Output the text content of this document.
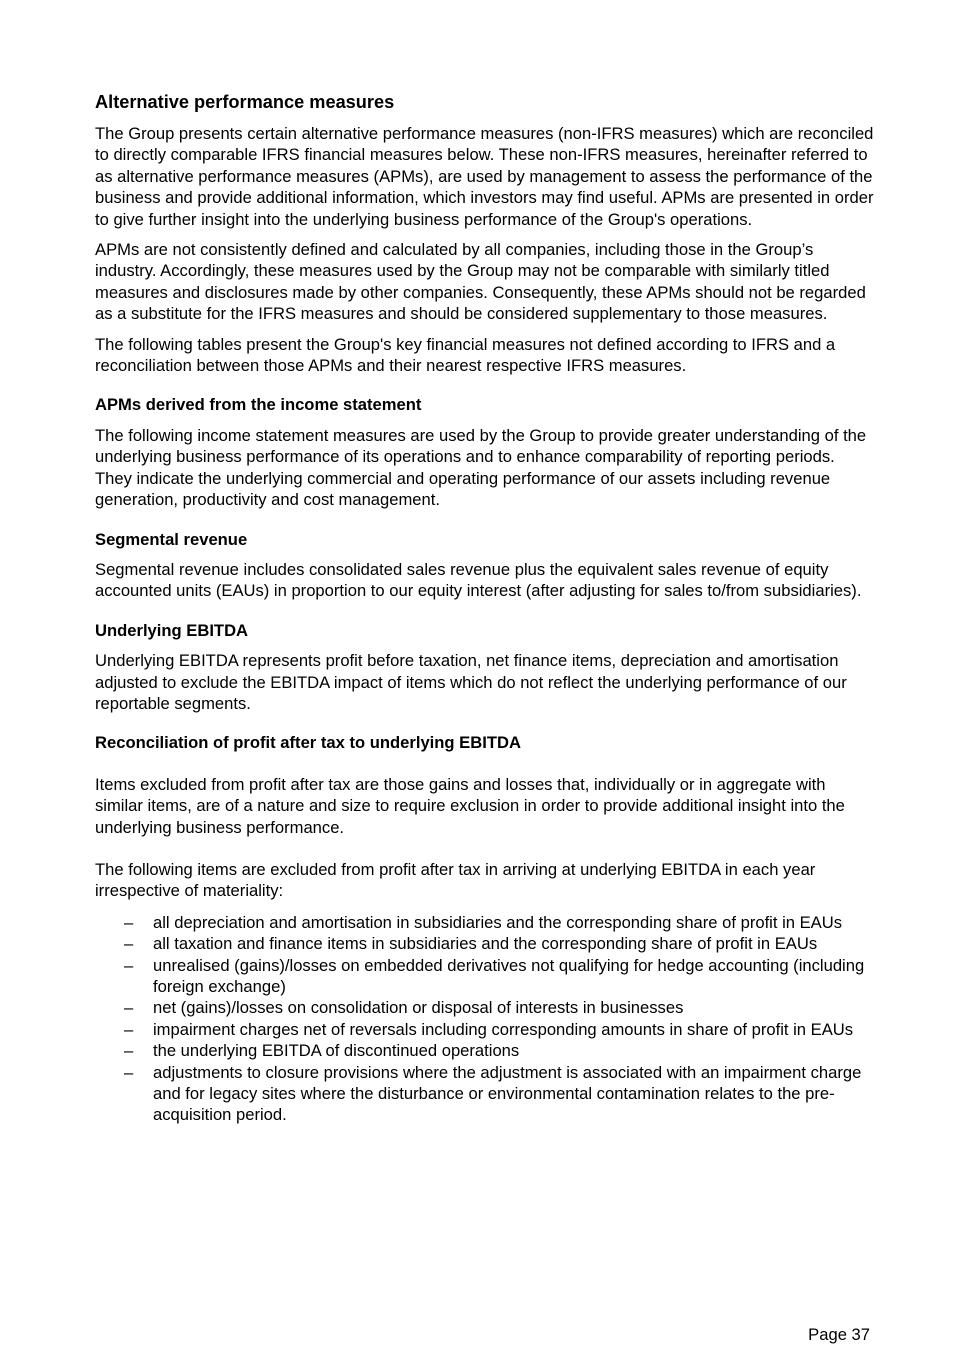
Alternative performance measures

The Group presents certain alternative performance measures (non-IFRS measures) which are reconciled to directly comparable IFRS financial measures below. These non-IFRS measures, hereinafter referred to as alternative performance measures (APMs), are used by management to assess the performance of the business and provide additional information, which investors may find useful. APMs are presented in order to give further insight into the underlying business performance of the Group's operations.

APMs are not consistently defined and calculated by all companies, including those in the Group’s industry. Accordingly, these measures used by the Group may not be comparable with similarly titled measures and disclosures made by other companies. Consequently, these APMs should not be regarded as a substitute for the IFRS measures and should be considered supplementary to those measures.

The following tables present the Group's key financial measures not defined according to IFRS and a reconciliation between those APMs and their nearest respective IFRS measures.

APMs derived from the income statement

The following income statement measures are used by the Group to provide greater understanding of the underlying business performance of its operations and to enhance comparability of reporting periods. They indicate the underlying commercial and operating performance of our assets including revenue generation, productivity and cost management.

Segmental revenue

Segmental revenue includes consolidated sales revenue plus the equivalent sales revenue of equity accounted units (EAUs) in proportion to our equity interest (after adjusting for sales to/from subsidiaries).

Underlying EBITDA

Underlying EBITDA represents profit before taxation, net finance items, depreciation and amortisation adjusted to exclude the EBITDA impact of items which do not reflect the underlying performance of our reportable segments.

Reconciliation of profit after tax to underlying EBITDA

Items excluded from profit after tax are those gains and losses that, individually or in aggregate with similar items, are of a nature and size to require exclusion in order to provide additional insight into the underlying business performance.

The following items are excluded from profit after tax in arriving at underlying EBITDA in each year irrespective of materiality:

– all depreciation and amortisation in subsidiaries and the corresponding share of profit in EAUs
– all taxation and finance items in subsidiaries and the corresponding share of profit in EAUs
– unrealised (gains)/losses on embedded derivatives not qualifying for hedge accounting (including foreign exchange)
– net (gains)/losses on consolidation or disposal of interests in businesses
– impairment charges net of reversals including corresponding amounts in share of profit in EAUs
– the underlying EBITDA of discontinued operations
– adjustments to closure provisions where the adjustment is associated with an impairment charge and for legacy sites where the disturbance or environmental contamination relates to the pre-acquisition period.
Page 37
